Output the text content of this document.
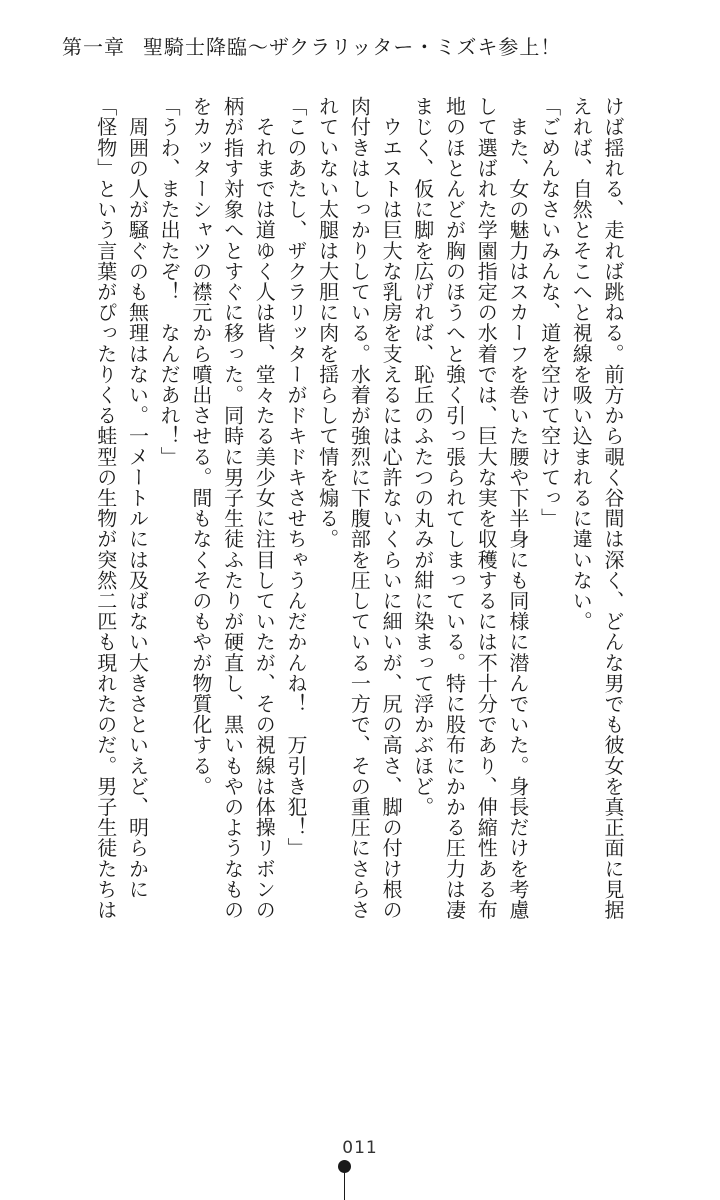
第一章 聖騎士降臨～ザクラリッター・ミズキ参上！

けば揺れる、走れば跳ねる。前方から覗く谷間は深く、どんな男でも彼女を真正面に見据

えれば、自然とそこへと視線を吸い込まれるに違いない。

「ごめんなさいみんな、道を空けて空けてっ」

　また、女の魅力はスカーフを巻いた腰や下半身にも同様に潜んでいた。身長だけを考慮

して選ばれた学園指定の水着では、巨大な実を収穫するには不十分であり、伸縮性ある布

地のほとんどが胸のほうへと強く引っ張られてしまっている。特に股布にかかる圧力は凄

まじく、仮に脚を広げれば、恥丘のふたつの丸みが紺に染まって浮かぶほど。

　ウエストは巨大な乳房を支えるには心許ないくらいに細いが、尻の高さ、脚の付け根の

肉付きはしっかりしている。水着が強烈に下腹部を圧している一方で、その重圧にさらさ

れていない太腿は大胆に肉を揺らして情を煽る。

「このあたし、ザクラリッターがドキドキさせちゃうんだかんね！　万引き犯！」

　それまでは道ゆく人は皆、堂々たる美少女に注目していたが、その視線は体操リボンの

柄が指す対象へとすぐに移った。同時に男子生徒ふたりが硬直し、黒いもやのようなもの

をカッターシャツの襟元から噴出させる。間もなくそのもやが物質化する。

「うわ、また出たぞ！　なんだあれ！」

　周囲の人が騒ぐのも無理はない。一メートルには及ばない大きさといえど、明らかに

「怪物」という言葉がぴったりくる蛙型の生物が突然二匹も現れたのだ。男子生徒たちは

011
